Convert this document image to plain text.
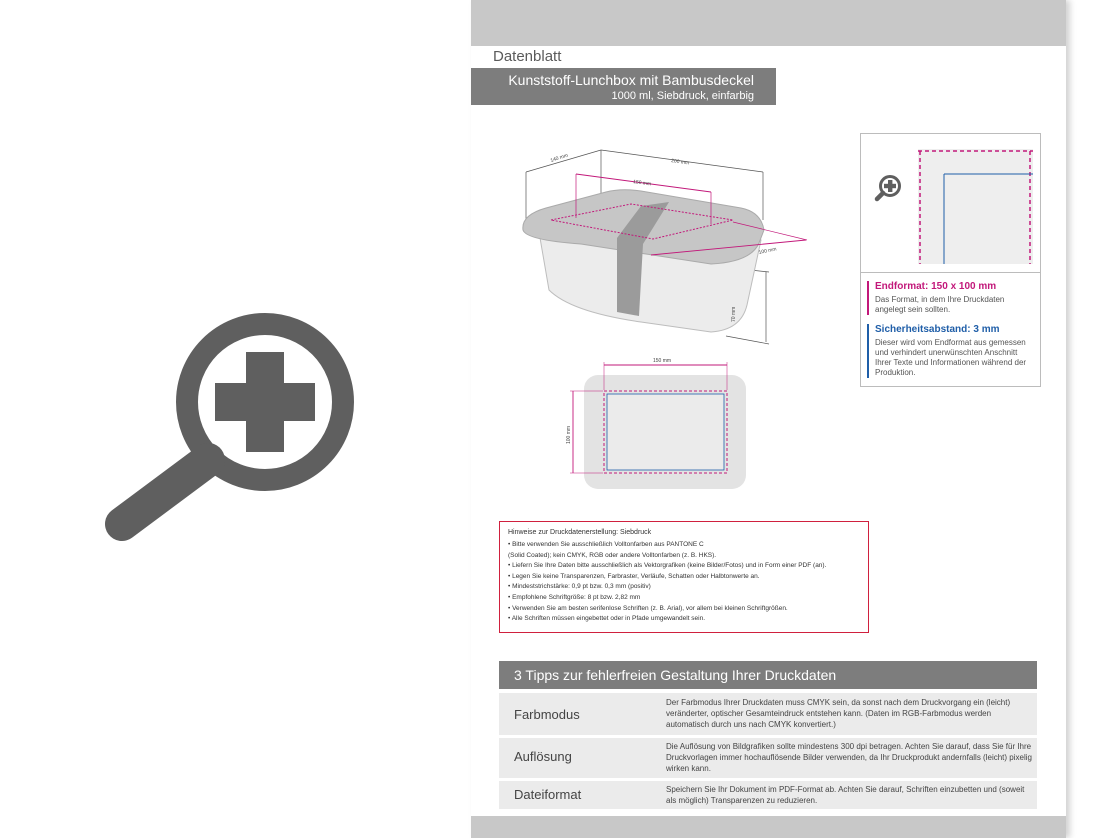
Datenblatt
Kunststoff-Lunchbox mit Bambusdeckel
1000 ml, Siebdruck, einfarbig
140 mm	200 mm
150 mm
100 mm
70 mm
150 mm
100 mm
Endformat: 150 x 100 mm
Das Format, in dem Ihre Druckdaten angelegt sein sollten.
Sicherheitsabstand: 3 mm
Dieser wird vom Endformat aus gemessen und verhindert unerwünschten Anschnitt Ihrer Texte und Informationen während der Produktion.
Hinweise zur Druckdatenerstellung: Siebdruck
• Bitte verwenden Sie ausschließlich Volltonfarben aus PANTONE C
(Solid Coated); kein CMYK, RGB oder andere Volltonfarben (z. B. HKS).
• Liefern Sie Ihre Daten bitte ausschließlich als Vektorgrafiken (keine Bilder/Fotos) und in Form einer PDF (an).
• Legen Sie keine Transparenzen, Farbraster, Verläufe, Schatten oder Halbtonwerte an.
• Mindeststrichstärke: 0,9 pt bzw. 0,3 mm (positiv)
• Empfohlene Schriftgröße: 8 pt bzw. 2,82 mm
• Verwenden Sie am besten serifenlose Schriften (z. B. Arial), vor allem bei kleinen Schriftgrößen.
• Alle Schriften müssen eingebettet oder in Pfade umgewandelt sein.
3 Tipps zur fehlerfreien Gestaltung Ihrer Druckdaten
Farbmodus
Der Farbmodus Ihrer Druckdaten muss CMYK sein, da sonst nach dem Druckvorgang ein (leicht) veränderter, optischer Gesamteindruck entstehen kann. (Daten im RGB-Farbmodus werden automatisch durch uns nach CMYK konvertiert.)
Auflösung
Die Auflösung von Bildgrafiken sollte mindestens 300 dpi betragen. Achten Sie darauf, dass Sie für Ihre Druckvorlagen immer hochauflösende Bilder verwenden, da Ihr Druckprodukt andernfalls (leicht) pixelig wirken kann.
Dateiformat	Speichern Sie Ihr Dokument im PDF-Format ab. Achten Sie darauf, Schriften einzubetten und (soweit als möglich) Transparenzen zu reduzieren.
